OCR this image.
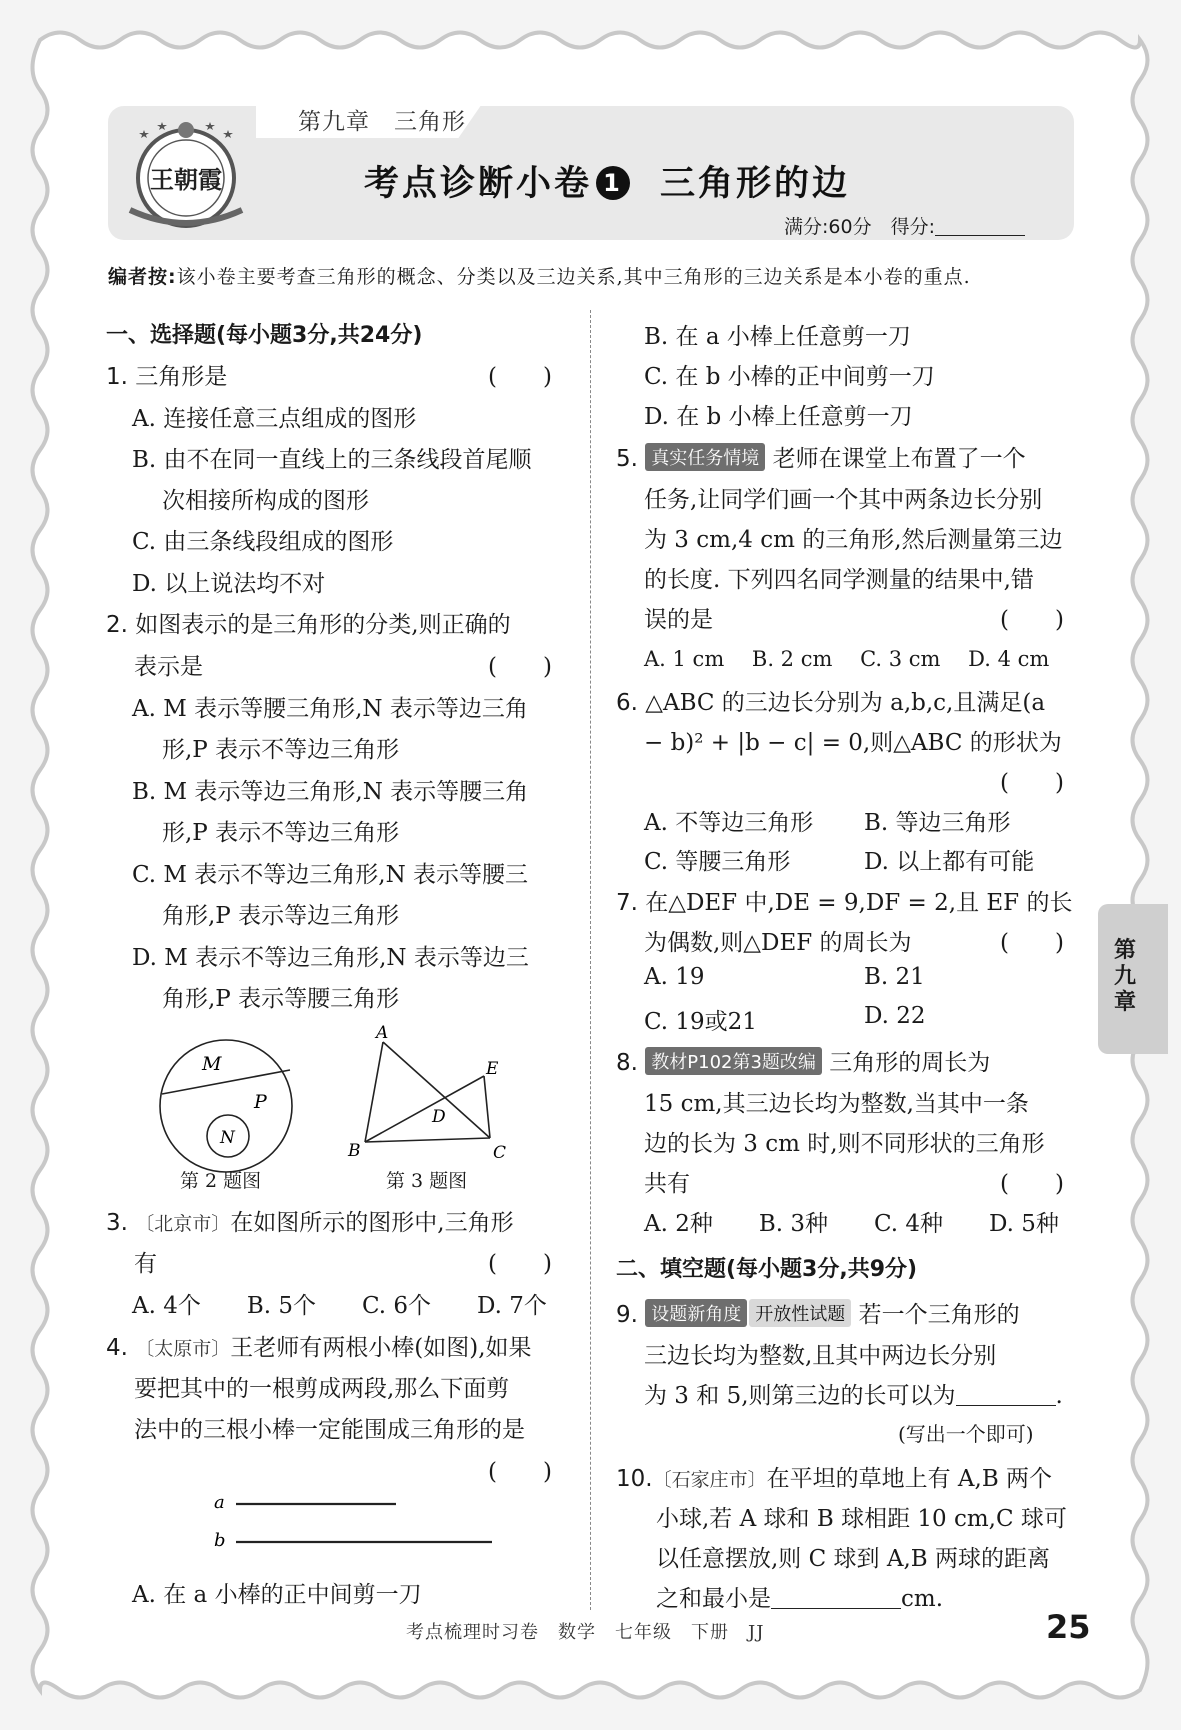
第九章　三角形
王朝霞	考点诊断小卷 1 三角形的边
满分:60分　得分:
编者按:该小卷主要考查三角形的概念、分类以及三边关系,其中三角形的三边关系是本小卷的重点.
一、选择题(每小题3分,共24分)
1. 三角形是	(　　)
A. 连接任意三点组成的图形
B. 由不在同一直线上的三条线段首尾顺
次相接所构成的图形
C. 由三条线段组成的图形
D. 以上说法均不对
2. 如图表示的是三角形的分类,则正确的
表示是	(　　)
A. M 表示等腰三角形,N 表示等边三角
形,P 表示不等边三角形
B. M 表示等边三角形,N 表示等腰三角
形,P 表示不等边三角形
C. M 表示不等边三角形,N 表示等腰三
角形,P 表示等边三角形
D. M 表示不等边三角形,N 表示等边三
角形,P 表示等腰三角形
M
N
P
第 2 题图
A
B	C
D
E
第 3 题图
3. 〔北京市〕在如图所示的图形中,三角形
有	(　　)
A. 4个　　B. 5个　　C. 6个　　D. 7个
4. 〔太原市〕王老师有两根小棒(如图),如果
要把其中的一根剪成两段,那么下面剪
法中的三根小棒一定能围成三角形的是
(　　)
a
b
A. 在 a 小棒的正中间剪一刀
B. 在 a 小棒上任意剪一刀
C. 在 b 小棒的正中间剪一刀
D. 在 b 小棒上任意剪一刀
5. 真实任务情境 老师在课堂上布置了一个
任务,让同学们画一个其中两条边长分别
为 3 cm,4 cm 的三角形,然后测量第三边
的长度. 下列四名同学测量的结果中,错
误的是	(　　)
A. 1 cm　 B. 2 cm　 C. 3 cm　 D. 4 cm
6. △ABC 的三边长分别为 a,b,c,且满足(a
− b)² + |b − c| = 0,则△ABC 的形状为
(　　)
A. 不等边三角形 B. 等边三角形
C. 等腰三角形	D. 以上都有可能
7. 在△DEF 中,DE = 9,DF = 2,且 EF 的长
为偶数,则△DEF 的周长为	(　　)
A. 19	B. 21
C. 19或21	D. 22
8. 教材P102第3题改编 三角形的周长为
15 cm,其三边长均为整数,当其中一条
边的长为 3 cm 时,则不同形状的三角形
共有	(　　)
A. 2种　　B. 3种　　C. 4种　　D. 5种
二、填空题(每小题3分,共9分)
9. 设题新角度 开放性试题 若一个三角形的
三边长均为整数,且其中两边长分别
为 3 和 5,则第三边的长可以为	.
(写出一个即可)
10.〔石家庄市〕在平坦的草地上有 A,B 两个
小球,若 A 球和 B 球相距 10 cm,C 球可
以任意摆放,则 C 球到 A,B 两球的距离
之和最小是	cm.
第九章
考点梳理时习卷　数学　七年级　下册　JJ	25
